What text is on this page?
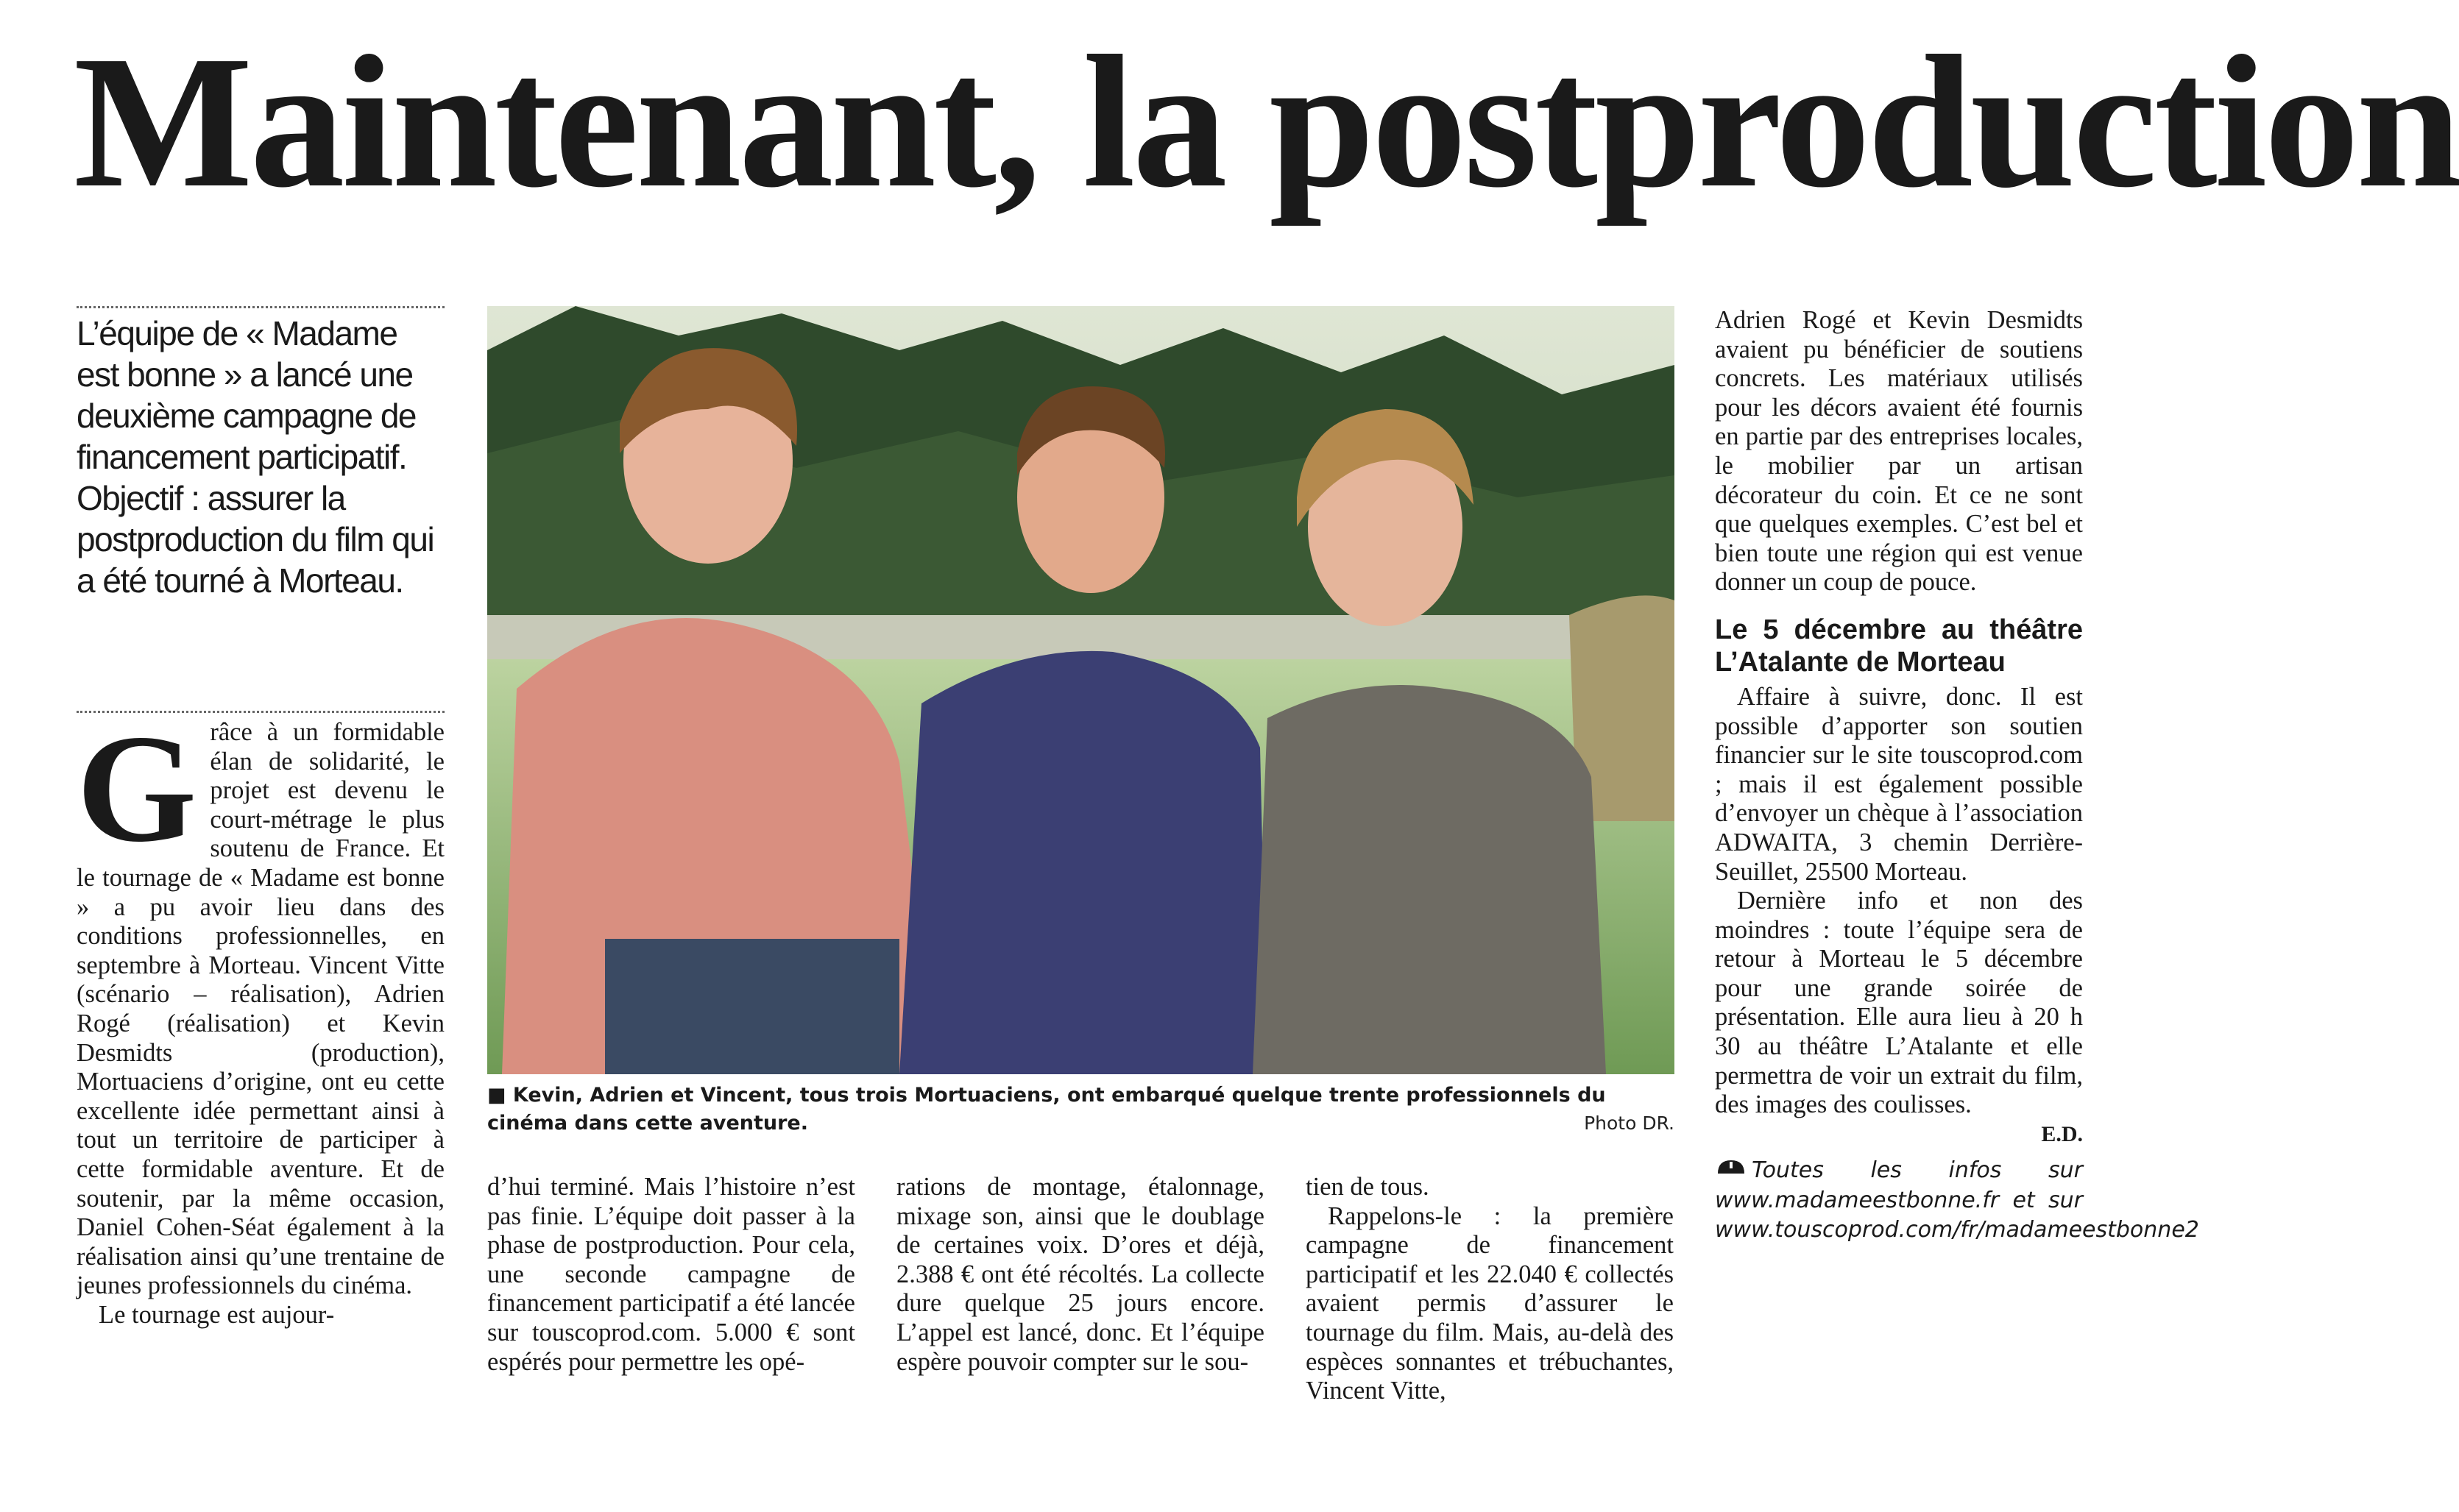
Maintenant, la postproduction

L’équipe de « Madame est bonne » a lancé une deuxième campagne de financement participatif.

Objectif : assurer la postproduction du film qui a été tourné à Morteau.

G râce à un formidable élan de solidarité, le projet est devenu le court-métrage le plus soutenu de France. Et le tournage de « Madame est bonne » a pu avoir lieu dans des conditions professionnelles, en septembre à Morteau. Vincent Vitte (scénario – réalisation), Adrien Rogé (réalisation) et Kevin Desmidts (production), Mortuaciens d’origine, ont eu cette excellente idée permettant ainsi à tout un territoire de participer à cette formidable aventure. Et de soutenir, par la même occasion, Daniel Cohen-Séat également à la réalisation ainsi qu’une trentaine de jeunes professionnels du cinéma.

Le tournage est aujour-

■ Kevin, Adrien et Vincent, tous trois Mortuaciens, ont embarqué quelque trente professionnels du cinéma dans cette aventure.	Photo DR.

d’hui terminé. Mais l’histoire n’est pas finie. L’équipe doit passer à la phase de postproduction. Pour cela, une seconde campagne de financement participatif a été lancée sur touscoprod.com. 5.000 € sont espérés pour permettre les opé-

rations de montage, étalonnage, mixage son, ainsi que le doublage de certaines voix. D’ores et déjà, 2.388 € ont été récoltés. La collecte dure quelque 25 jours encore. L’appel est lancé, donc. Et l’équipe espère pouvoir compter sur le sou-

tien de tous.

Rappelons-le : la première campagne de financement participatif et les 22.040 € collectés avaient permis d’assurer le tournage du film. Mais, au-delà des espèces sonnantes et trébuchantes, Vincent Vitte,

Adrien Rogé et Kevin Desmidts avaient pu bénéficier de soutiens concrets. Les matériaux utilisés pour les décors avaient été fournis en partie par des entreprises locales, le mobilier par un artisan décorateur du coin. Et ce ne sont que quelques exemples. C’est bel et bien toute une région qui est venue donner un coup de pouce.

Le 5 décembre au théâtre L’Atalante de Morteau

Affaire à suivre, donc. Il est possible d’apporter son soutien financier sur le site touscoprod.com ; mais il est également possible d’envoyer un chèque à l’association ADWAITA, 3 chemin Derrière-Seuillet, 25500 Morteau.

Dernière info et non des moindres : toute l’équipe sera de retour à Morteau le 5 décembre pour une grande soirée de présentation. Elle aura lieu à 20 h 30 au théâtre L’Atalante et elle permettra de voir un extrait du film, des images des coulisses.

E.D.
Toutes les infos sur www.madameestbonne.fr et sur www.touscoprod.com/fr/madameestbonne2
